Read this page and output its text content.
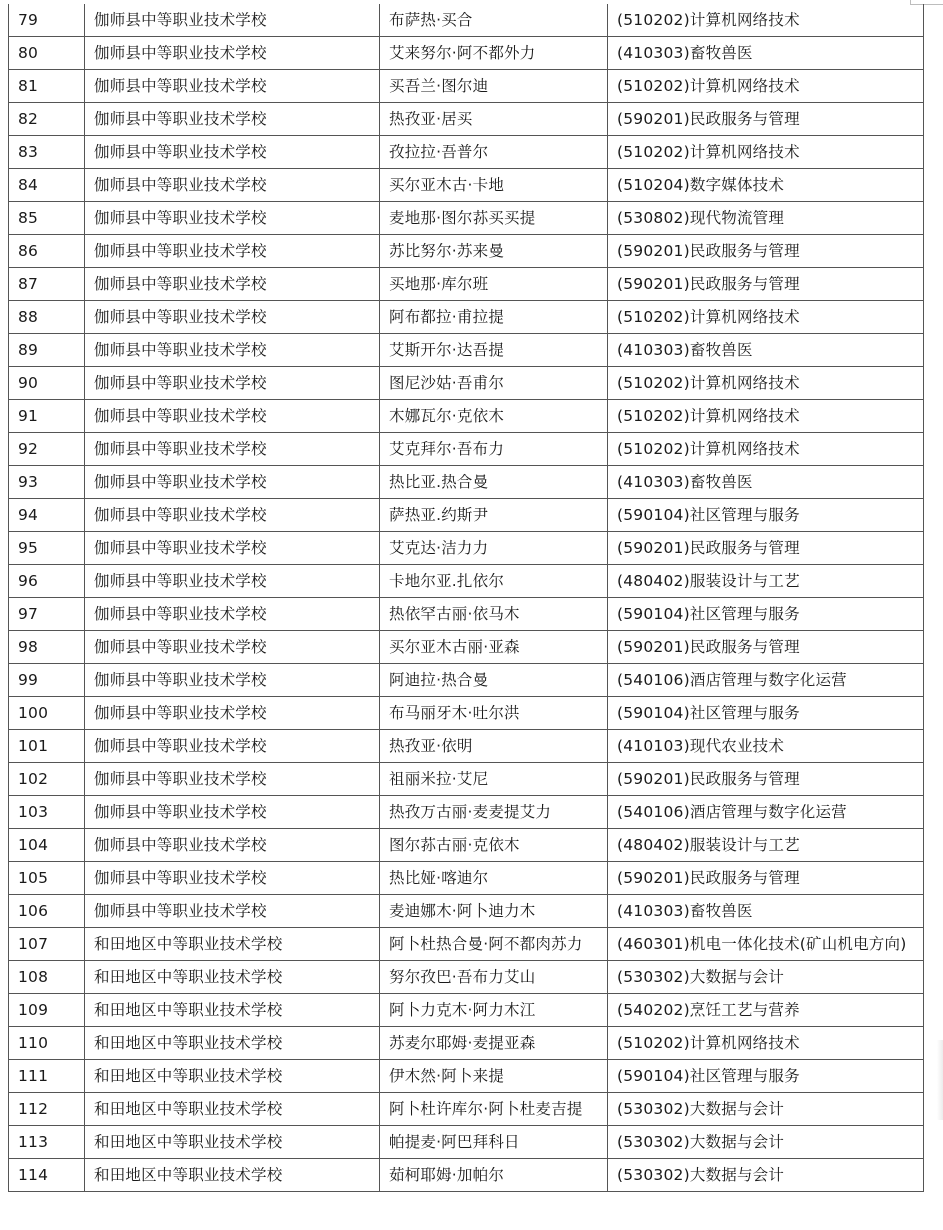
79	伽师县中等职业技术学校	布萨热·买合	(510202)计算机网络技术
80	伽师县中等职业技术学校	艾来努尔·阿不都外力	(410303)畜牧兽医
81	伽师县中等职业技术学校	买吾兰·图尔迪	(510202)计算机网络技术
82	伽师县中等职业技术学校	热孜亚·居买	(590201)民政服务与管理
83	伽师县中等职业技术学校	孜拉拉·吾普尔	(510202)计算机网络技术
84	伽师县中等职业技术学校	买尔亚木古·卡地	(510204)数字媒体技术
85	伽师县中等职业技术学校	麦地那·图尔荪买买提	(530802)现代物流管理
86	伽师县中等职业技术学校	苏比努尔·苏来曼	(590201)民政服务与管理
87	伽师县中等职业技术学校	买地那·库尔班	(590201)民政服务与管理
88	伽师县中等职业技术学校	阿布都拉·甫拉提	(510202)计算机网络技术
89	伽师县中等职业技术学校	艾斯开尔·达吾提	(410303)畜牧兽医
90	伽师县中等职业技术学校	图尼沙姑·吾甫尔	(510202)计算机网络技术
91	伽师县中等职业技术学校	木娜瓦尔·克依木	(510202)计算机网络技术
92	伽师县中等职业技术学校	艾克拜尔·吾布力	(510202)计算机网络技术
93	伽师县中等职业技术学校	热比亚.热合曼	(410303)畜牧兽医
94	伽师县中等职业技术学校	萨热亚.约斯尹	(590104)社区管理与服务
95	伽师县中等职业技术学校	艾克达·洁力力	(590201)民政服务与管理
96	伽师县中等职业技术学校	卡地尔亚.扎依尔	(480402)服装设计与工艺
97	伽师县中等职业技术学校	热依罕古丽·依马木	(590104)社区管理与服务
98	伽师县中等职业技术学校	买尔亚木古丽·亚森	(590201)民政服务与管理
99	伽师县中等职业技术学校	阿迪拉·热合曼	(540106)酒店管理与数字化运营
100	伽师县中等职业技术学校	布马丽牙木·吐尔洪	(590104)社区管理与服务
101	伽师县中等职业技术学校	热孜亚·依明	(410103)现代农业技术
102	伽师县中等职业技术学校	祖丽米拉·艾尼	(590201)民政服务与管理
103	伽师县中等职业技术学校	热孜万古丽·麦麦提艾力	(540106)酒店管理与数字化运营
104	伽师县中等职业技术学校	图尔荪古丽·克依木	(480402)服装设计与工艺
105	伽师县中等职业技术学校	热比娅·喀迪尔	(590201)民政服务与管理
106	伽师县中等职业技术学校	麦迪娜木·阿卜迪力木	(410303)畜牧兽医
107	和田地区中等职业技术学校	阿卜杜热合曼·阿不都肉苏力	(460301)机电一体化技术(矿山机电方向)
108	和田地区中等职业技术学校	努尔孜巴·吾布力艾山	(530302)大数据与会计
109	和田地区中等职业技术学校	阿卜力克木·阿力木江	(540202)烹饪工艺与营养
110	和田地区中等职业技术学校	苏麦尔耶姆·麦提亚森	(510202)计算机网络技术
111	和田地区中等职业技术学校	伊木然·阿卜来提	(590104)社区管理与服务
112	和田地区中等职业技术学校	阿卜杜许库尔·阿卜杜麦吉提	(530302)大数据与会计
113	和田地区中等职业技术学校	帕提麦·阿巴拜科日	(530302)大数据与会计
114	和田地区中等职业技术学校	茹柯耶姆·加帕尔	(530302)大数据与会计
